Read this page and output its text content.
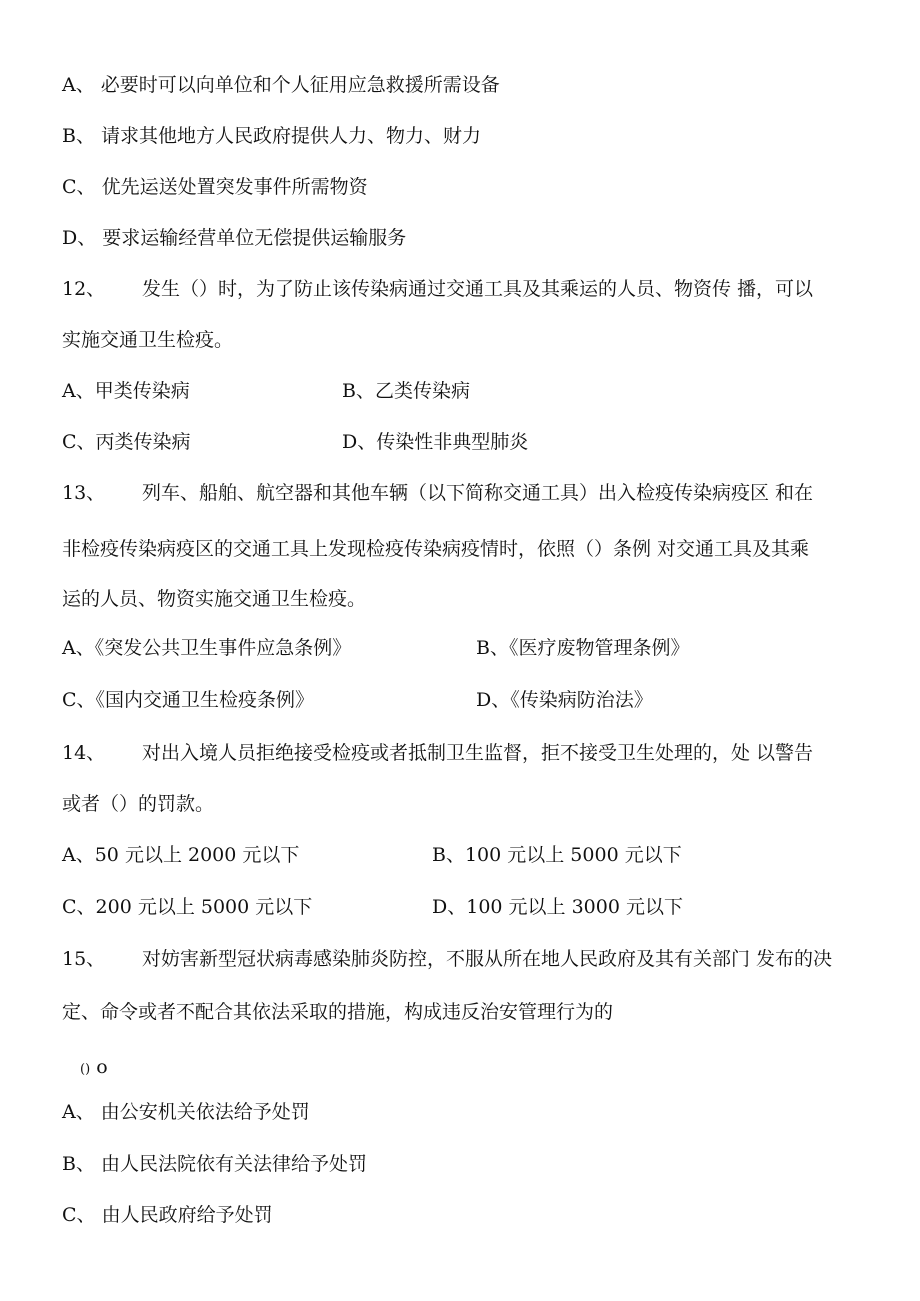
A、 必要时可以向单位和个人征用应急救援所需设备
B、 请求其他地方人民政府提供人力、物力、财力
C、 优先运送处置突发事件所需物资
D、 要求运输经营单位无偿提供运输服务
12、 发生（）时，为了防止该传染病通过交通工具及其乘运的人员、物资传 播，可以
实施交通卫生检疫。
A、甲类传染病	B、乙类传染病
C、丙类传染病	D、传染性非典型肺炎
13、 列车、船舶、航空器和其他车辆（以下简称交通工具）出入检疫传染病疫区 和在
非检疫传染病疫区的交通工具上发现检疫传染病疫情时，依照（）条例 对交通工具及其乘
运的人员、物资实施交通卫生检疫。
A、《突发公共卫生事件应急条例》	B、《医疗废物管理条例》
C、《国内交通卫生检疫条例》	D、《传染病防治法》
14、 对出入境人员拒绝接受检疫或者抵制卫生监督，拒不接受卫生处理的，处 以警告
或者（）的罚款。
A、50 元以上 2000 元以下	B、100 元以上 5000 元以下
C、200 元以上 5000 元以下	D、100 元以上 3000 元以下
15、 对妨害新型冠状病毒感染肺炎防控，不服从所在地人民政府及其有关部门 发布的决
定、命令或者不配合其依法采取的措施，构成违反治安管理行为的
() o
A、 由公安机关依法给予处罚
B、 由人民法院依有关法律给予处罚
C、 由人民政府给予处罚
